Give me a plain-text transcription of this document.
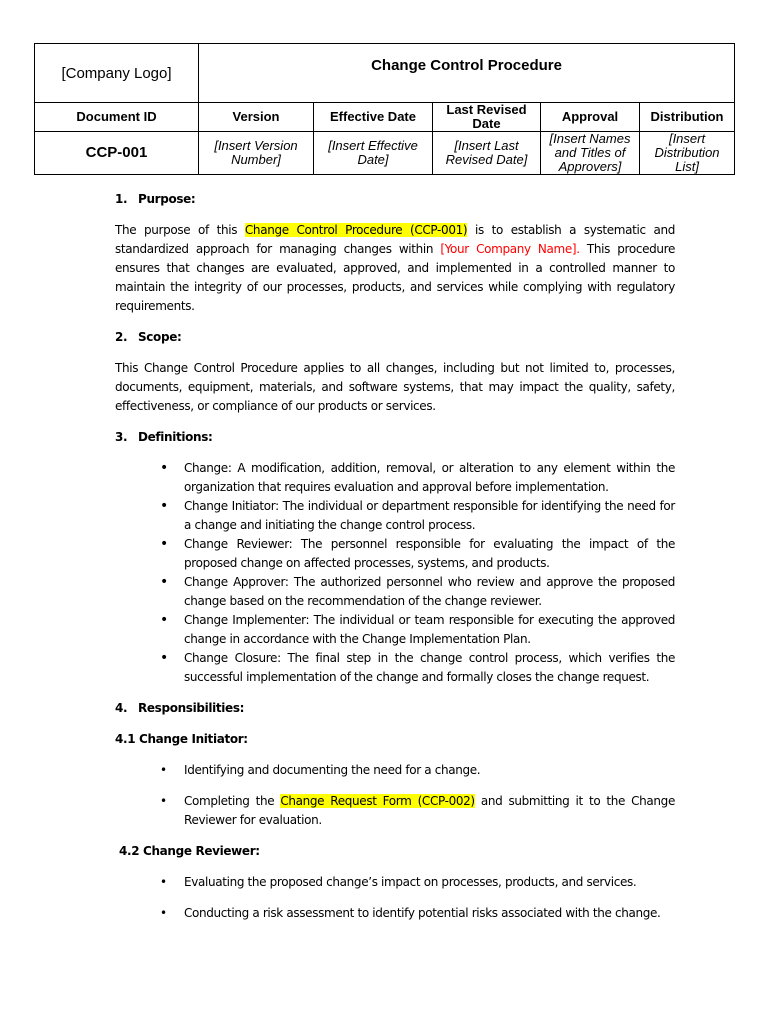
[Company Logo]	Change Control Procedure				
Document ID	Version	Effective Date	Last Revised Date	Approval	Distribution
CCP-001	[Insert Version Number]	[Insert Effective Date]	[Insert Last Revised Date]	[Insert Names and Titles of Approvers]	[Insert Distribution List]
1. Purpose:

The purpose of this Change Control Procedure (CCP-001) is to establish a systematic and standardized approach for managing changes within [Your Company Name]. This procedure ensures that changes are evaluated, approved, and implemented in a controlled manner to maintain the integrity of our processes, products, and services while complying with regulatory requirements.

2. Scope:

This Change Control Procedure applies to all changes, including but not limited to, processes, documents, equipment, materials, and software systems, that may impact the quality, safety, effectiveness, or compliance of our products or services.

3. Definitions:
• Change: A modification, addition, removal, or alteration to any element within the organization that requires evaluation and approval before implementation.
• Change Initiator: The individual or department responsible for identifying the need for a change and initiating the change control process.
• Change Reviewer: The personnel responsible for evaluating the impact of the proposed change on affected processes, systems, and products.
• Change Approver: The authorized personnel who review and approve the proposed change based on the recommendation of the change reviewer.
• Change Implementer: The individual or team responsible for executing the approved change in accordance with the Change Implementation Plan.
• Change Closure: The final step in the change control process, which verifies the successful implementation of the change and formally closes the change request.
4. Responsibilities:
4.1 Change Initiator:
• Identifying and documenting the need for a change.
• Completing the Change Request Form (CCP-002) and submitting it to the Change Reviewer for evaluation.
4.2 Change Reviewer:
• Evaluating the proposed change’s impact on processes, products, and services.
• Conducting a risk assessment to identify potential risks associated with the change.
